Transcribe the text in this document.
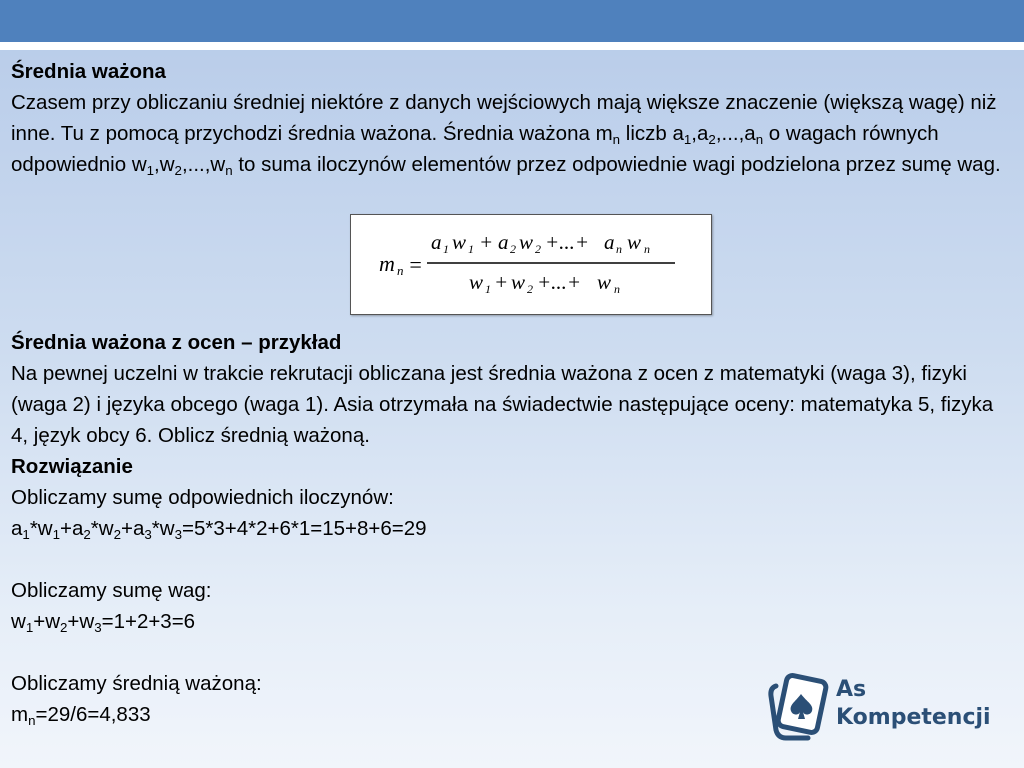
Średnia ważona

Czasem przy obliczaniu średniej niektóre z danych wejściowych mają większe znaczenie (większą wagę) niż inne. Tu z pomocą przychodzi średnia ważona. Średnia ważona $m_n$ liczb $a_1,a_2,...,a_n$ o wagach równych odpowiednio $w_1,w_2,...,w_n$ to suma iloczynów elementów przez odpowiednie wagi podzielona przez sumę wag.

m n =
a 1 w 1 + a 2 w 2 +...+ a n w n
w 1 + w 2 +...+ w n

Średnia ważona z ocen – przykład

Na pewnej uczelni w trakcie rekrutacji obliczana jest średnia ważona z ocen z matematyki (waga 3), fizyki (waga 2) i języka obcego (waga 1). Asia otrzymała na świadectwie następujące oceny: matematyka 5, fizyka 4, język obcy 6. Oblicz średnią ważoną.

Rozwiązanie

Obliczamy sumę odpowiednich iloczynów:

$a_1*w_1+a_2*w_2+a_3*w_3=5*3+4*2+6*1=15+8+6=29$

Obliczamy sumę wag:

$w_1+w_2+w_3=1+2+3=6$

Obliczamy średnią ważoną:

$m_n=29/6=4,833$

As
Kompetencji
